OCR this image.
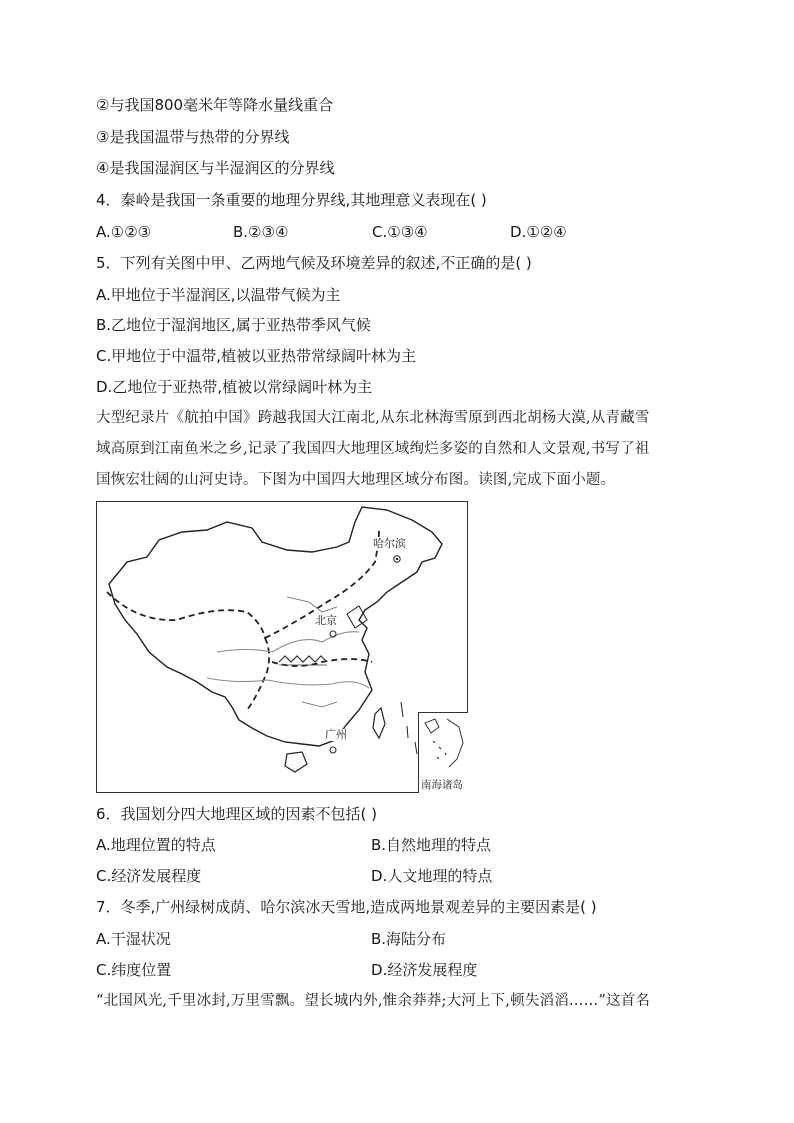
②与我国800毫米年等降水量线重合
③是我国温带与热带的分界线
④是我国湿润区与半湿润区的分界线
4．秦岭是我国一条重要的地理分界线,其地理意义表现在( )
A.①②③	B.②③④	C.①③④	D.①②④
5．下列有关图中甲、乙两地气候及环境差异的叙述,不正确的是( )
A.甲地位于半湿润区,以温带气候为主
B.乙地位于湿润地区,属于亚热带季风气候
C.甲地位于中温带,植被以亚热带常绿阔叶林为主
D.乙地位于亚热带,植被以常绿阔叶林为主
大型纪录片《航拍中国》跨越我国大江南北,从东北林海雪原到西北胡杨大漠,从青藏雪
域高原到江南鱼米之乡,记录了我国四大地理区域绚烂多姿的自然和人文景观,书写了祖
国恢宏壮阔的山河史诗。下图为中国四大地理区域分布图。读图,完成下面小题。
哈尔滨
北京
广州
南海诸岛
6．我国划分四大地理区域的因素不包括( )
A.地理位置的特点	B.自然地理的特点
C.经济发展程度	D.人文地理的特点
7．冬季,广州绿树成荫、哈尔滨冰天雪地,造成两地景观差异的主要因素是( )
A.干湿状况	B.海陆分布
C.纬度位置	D.经济发展程度
“北国风光,千里冰封,万里雪飘。望长城内外,惟余莽莽;大河上下,顿失滔滔……”这首名
